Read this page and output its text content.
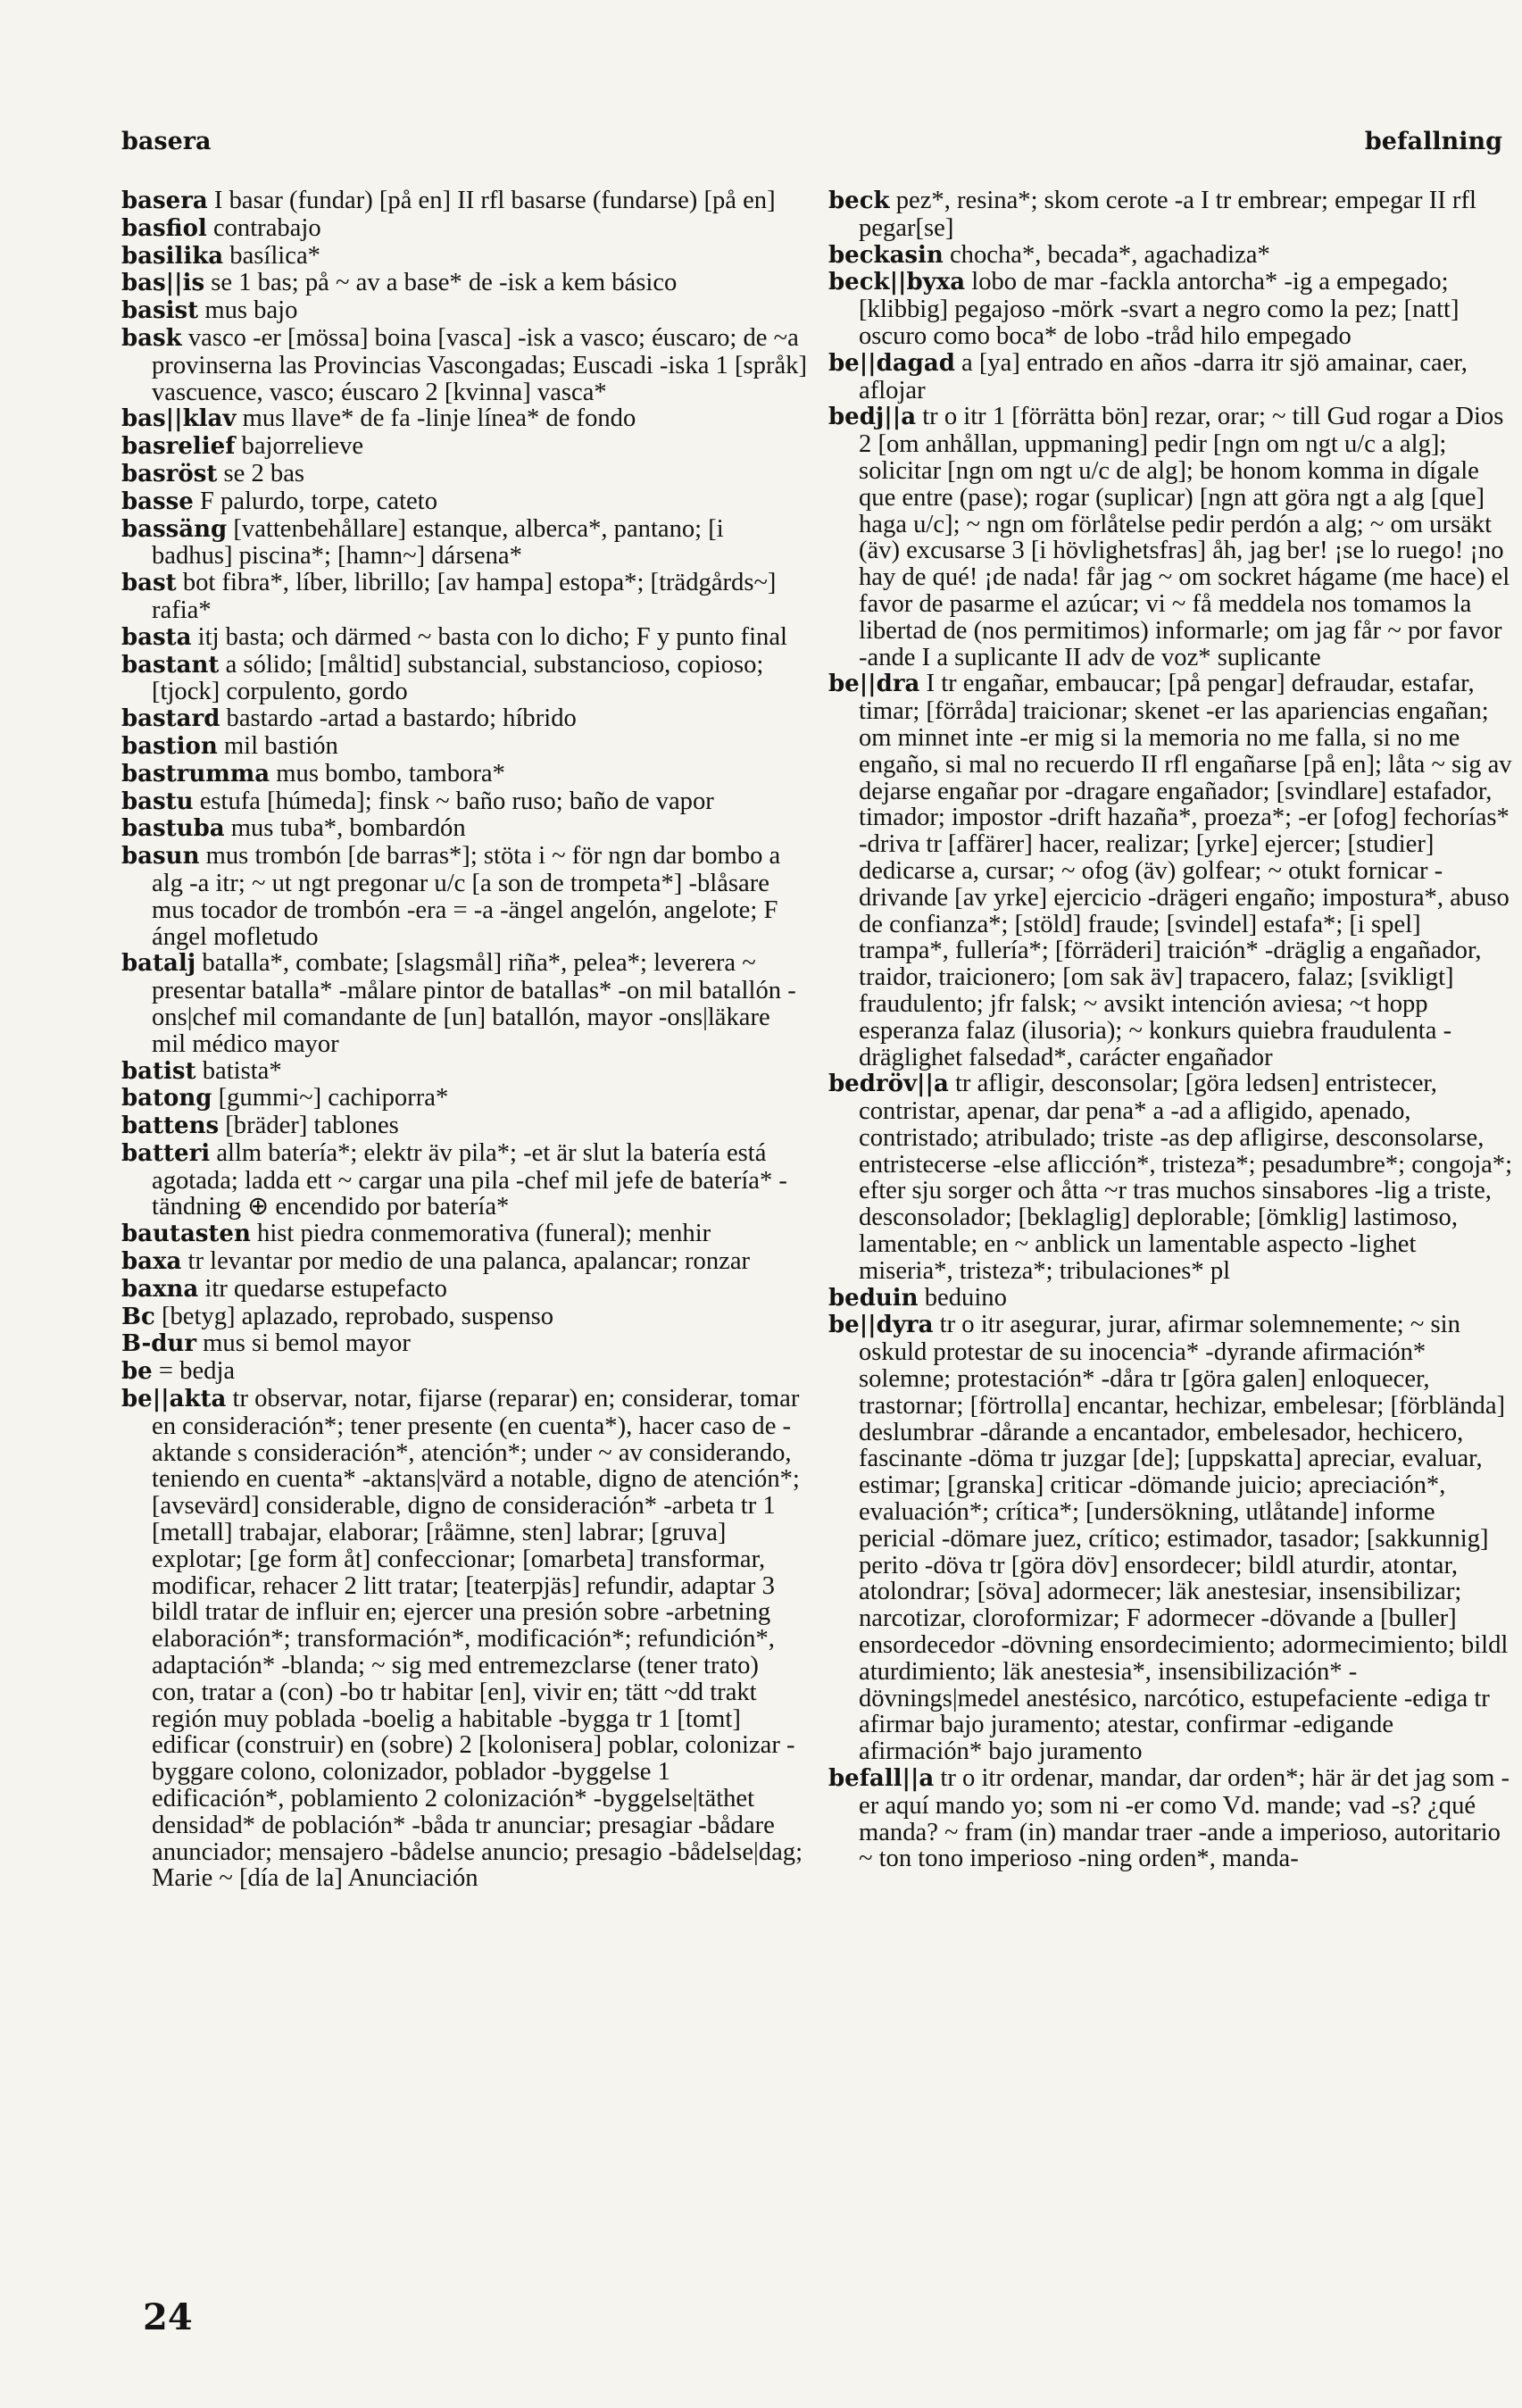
basera	befallning

basera I basar (fundar) [på en] II rfl basarse (fundarse) [på en]

basfiol contrabajo

basilika basílica*

bas||is se 1 bas; på ~ av a base* de -isk a kem básico

basist mus bajo

bask vasco -er [mössa] boina [vasca] -isk a vasco; éuscaro; de ~a provinserna las Provincias Vascongadas; Euscadi -iska 1 [språk] vascuence, vasco; éuscaro 2 [kvinna] vasca*

bas||klav mus llave* de fa -linje línea* de fondo

basrelief bajorrelieve

basröst se 2 bas

basse F palurdo, torpe, cateto

bassäng [vattenbehållare] estanque, alberca*, pantano; [i badhus] piscina*; [hamn~] dársena*

bast bot fibra*, líber, librillo; [av hampa] estopa*; [trädgårds~] rafia*

basta itj basta; och därmed ~ basta con lo dicho; F y punto final

bastant a sólido; [måltid] substancial, substancioso, copioso; [tjock] corpulento, gordo

bastard bastardo -artad a bastardo; híbrido

bastion mil bastión

bastrumma mus bombo, tambora*

bastu estufa [húmeda]; finsk ~ baño ruso; baño de vapor

bastuba mus tuba*, bombardón

basun mus trombón [de barras*]; stöta i ~ för ngn dar bombo a alg -a itr; ~ ut ngt pregonar u/c [a son de trompeta*] -blåsare mus tocador de trombón -era = -a -ängel angelón, angelote; F ángel mofletudo

batalj batalla*, combate; [slagsmål] riña*, pelea*; leverera ~ presentar batalla* -målare pintor de batallas* -on mil batallón -ons|chef mil comandante de [un] batallón, mayor -ons|läkare mil médico mayor

batist batista*

batong [gummi~] cachiporra*

battens [bräder] tablones

batteri allm batería*; elektr äv pila*; -et är slut la batería está agotada; ladda ett ~ cargar una pila -chef mil jefe de batería* -tändning ⊕ encendido por batería*

bautasten hist piedra conmemorativa (funeral); menhir

baxa tr levantar por medio de una palanca, apalancar; ronzar

baxna itr quedarse estupefacto

Bc [betyg] aplazado, reprobado, suspenso

B-dur mus si bemol mayor

be = bedja

be||akta tr observar, notar, fijarse (reparar) en; considerar, tomar en consideración*; tener presente (en cuenta*), hacer caso de -aktande s consideración*, atención*; under ~ av considerando, teniendo en cuenta* -aktans|värd a notable, digno de atención*; [avsevärd] considerable, digno de consideración* -arbeta tr 1 [metall] trabajar, elaborar; [råämne, sten] labrar; [gruva] explotar; [ge form åt] confeccionar; [omarbeta] transformar, modificar, rehacer 2 litt tratar; [teaterpjäs] refundir, adaptar 3 bildl tratar de influir en; ejercer una presión sobre -arbetning elaboración*; transformación*, modificación*; refundición*, adaptación* -blanda; ~ sig med entremezclarse (tener trato) con, tratar a (con) -bo tr habitar [en], vivir en; tätt ~dd trakt región muy poblada -boelig a habitable -bygga tr 1 [tomt] edificar (construir) en (sobre) 2 [kolonisera] poblar, colonizar -byggare colono, colonizador, poblador -byggelse 1 edificación*, poblamiento 2 colonización* -byggelse|täthet densidad* de población* -båda tr anunciar; presagiar -bådare anunciador; mensajero -bådelse anuncio; presagio -bådelse|dag; Marie ~ [día de la] Anunciación

beck pez*, resina*; skom cerote -a I tr embrear; empegar II rfl pegar[se]

beckasin chocha*, becada*, agachadiza*

beck||byxa lobo de mar -fackla antorcha* -ig a empegado; [klibbig] pegajoso -mörk -svart a negro como la pez; [natt] oscuro como boca* de lobo -tråd hilo empegado

be||dagad a [ya] entrado en años -darra itr sjö amainar, caer, aflojar

bedj||a tr o itr 1 [förrätta bön] rezar, orar; ~ till Gud rogar a Dios 2 [om anhållan, uppmaning] pedir [ngn om ngt u/c a alg]; solicitar [ngn om ngt u/c de alg]; be honom komma in dígale que entre (pase); rogar (suplicar) [ngn att göra ngt a alg [que] haga u/c]; ~ ngn om förlåtelse pedir perdón a alg; ~ om ursäkt (äv) excusarse 3 [i hövlighetsfras] åh, jag ber! ¡se lo ruego! ¡no hay de qué! ¡de nada! får jag ~ om sockret hágame (me hace) el favor de pasarme el azúcar; vi ~ få meddela nos tomamos la libertad de (nos permitimos) informarle; om jag får ~ por favor -ande I a suplicante II adv de voz* suplicante

be||dra I tr engañar, embaucar; [på pengar] defraudar, estafar, timar; [förråda] traicionar; skenet -er las apariencias engañan; om minnet inte -er mig si la memoria no me falla, si no me engaño, si mal no recuerdo II rfl engañarse [på en]; låta ~ sig av dejarse engañar por -dragare engañador; [svindlare] estafador, timador; impostor -drift hazaña*, proeza*; -er [ofog] fechorías* -driva tr [affärer] hacer, realizar; [yrke] ejercer; [studier] dedicarse a, cursar; ~ ofog (äv) golfear; ~ otukt fornicar -drivande [av yrke] ejercicio -drägeri engaño; impostura*, abuso de confianza*; [stöld] fraude; [svindel] estafa*; [i spel] trampa*, fullería*; [förräderi] traición* -dräglig a engañador, traidor, traicionero; [om sak äv] trapacero, falaz; [svikligt] fraudulento; jfr falsk; ~ avsikt intención aviesa; ~t hopp esperanza falaz (ilusoria); ~ konkurs quiebra fraudulenta -dräglighet falsedad*, carácter engañador

bedröv||a tr afligir, desconsolar; [göra ledsen] entristecer, contristar, apenar, dar pena* a -ad a afligido, apenado, contristado; atribulado; triste -as dep afligirse, desconsolarse, entristecerse -else aflicción*, tristeza*; pesadumbre*; congoja*; efter sju sorger och åtta ~r tras muchos sinsabores -lig a triste, desconsolador; [beklaglig] deplorable; [ömklig] lastimoso, lamentable; en ~ anblick un lamentable aspecto -lighet miseria*, tristeza*; tribulaciones* pl

beduin beduino

be||dyra tr o itr asegurar, jurar, afirmar solemnemente; ~ sin oskuld protestar de su inocencia* -dyrande afirmación* solemne; protestación* -dåra tr [göra galen] enloquecer, trastornar; [förtrolla] encantar, hechizar, embelesar; [förblända] deslumbrar -dårande a encantador, embelesador, hechicero, fascinante -döma tr juzgar [de]; [uppskatta] apreciar, evaluar, estimar; [granska] criticar -dömande juicio; apreciación*, evaluación*; crítica*; [undersökning, utlåtande] informe pericial -dömare juez, crítico; estimador, tasador; [sakkunnig] perito -döva tr [göra döv] ensordecer; bildl aturdir, atontar, atolondrar; [söva] adormecer; läk anestesiar, insensibilizar; narcotizar, cloroformizar; F adormecer -dövande a [buller] ensordecedor -dövning ensordecimiento; adormecimiento; bildl aturdimiento; läk anestesia*, insensibilización* -dövnings|medel anestésico, narcótico, estupefaciente -ediga tr afirmar bajo juramento; atestar, confirmar -edigande afirmación* bajo juramento

befall||a tr o itr ordenar, mandar, dar orden*; här är det jag som -er aquí mando yo; som ni -er como Vd. mande; vad -s? ¿qué manda? ~ fram (in) mandar traer -ande a imperioso, autoritario ~ ton tono imperioso -ning orden*, manda-

24
